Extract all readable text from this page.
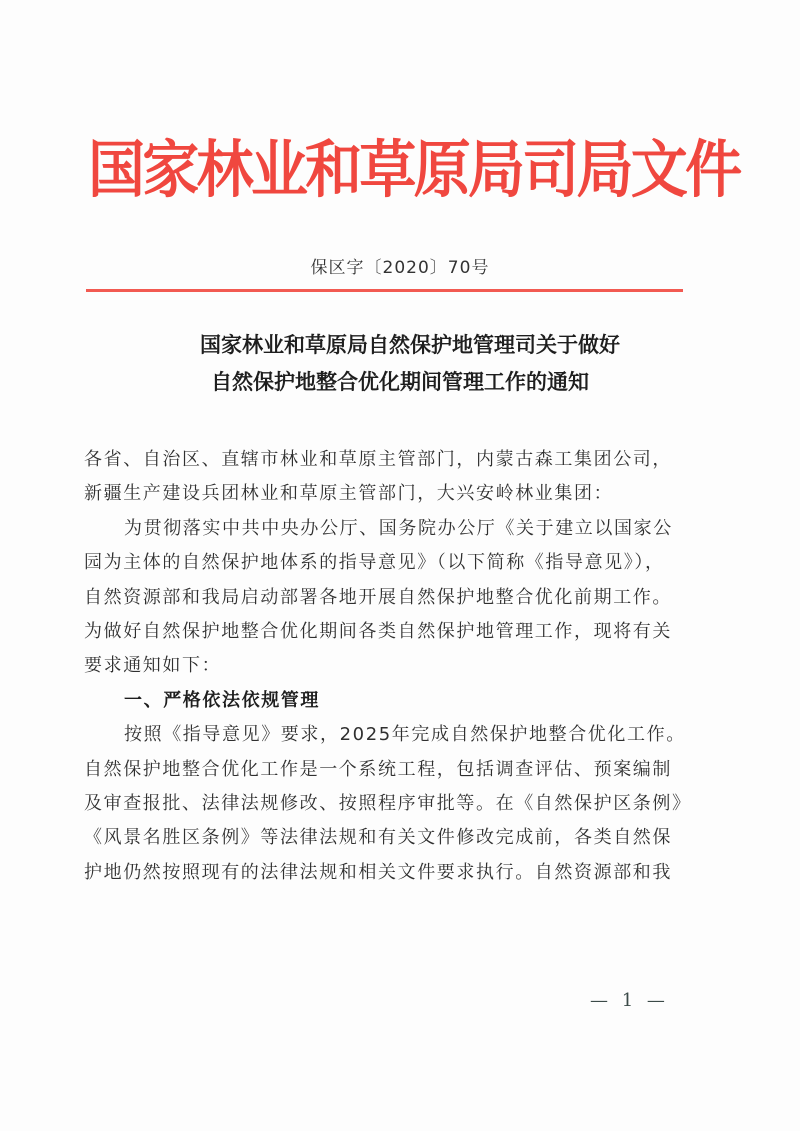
国家林业和草原局司局文件
保区字〔2020〕70号
国家林业和草原局自然保护地管理司关于做好
自然保护地整合优化期间管理工作的通知
各省、自治区、直辖市林业和草原主管部门，内蒙古森工集团公司，
新疆生产建设兵团林业和草原主管部门，大兴安岭林业集团：
为贯彻落实中共中央办公厅、国务院办公厅《关于建立以国家公
园为主体的自然保护地体系的指导意见》（以下简称《指导意见》），
自然资源部和我局启动部署各地开展自然保护地整合优化前期工作。
为做好自然保护地整合优化期间各类自然保护地管理工作，现将有关
要求通知如下：
一、严格依法依规管理
按照《指导意见》要求，2025年完成自然保护地整合优化工作。
自然保护地整合优化工作是一个系统工程，包括调查评估、预案编制
及审查报批、法律法规修改、按照程序审批等。在《自然保护区条例》
《风景名胜区条例》等法律法规和有关文件修改完成前，各类自然保
护地仍然按照现有的法律法规和相关文件要求执行。自然资源部和我
— 1 —
